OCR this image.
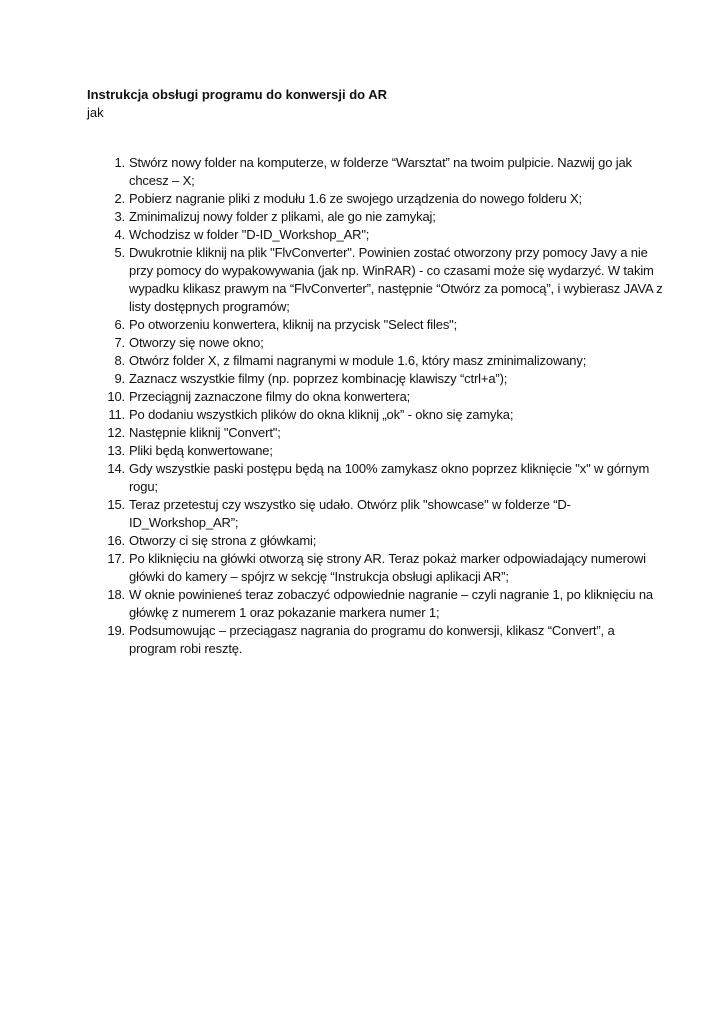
Instrukcja obsługi programu do konwersji do AR
jak
1. Stwórz nowy folder na komputerze, w folderze “Warsztat” na twoim pulpicie. Nazwij go jak chcesz – X;
2. Pobierz nagranie pliki z modułu 1.6 ze swojego urządzenia do nowego folderu X;
3. Zminimalizuj nowy folder z plikami, ale go nie zamykaj;
4. Wchodzisz w folder "D-ID_Workshop_AR";
5. Dwukrotnie kliknij na plik "FlvConverter". Powinien zostać otworzony przy pomocy Javy a nie przy pomocy do wypakowywania (jak np. WinRAR) - co czasami może się wydarzyć. W takim wypadku klikasz prawym na “FlvConverter”, następnie “Otwórz za pomocą”, i wybierasz JAVA z listy dostępnych programów;
6. Po otworzeniu konwertera, kliknij na przycisk "Select files";
7. Otworzy się nowe okno;
8. Otwórz folder X, z filmami nagranymi w module 1.6, który masz zminimalizowany;
9. Zaznacz wszystkie filmy (np. poprzez kombinację klawiszy “ctrl+a”);
10. Przeciągnij zaznaczone filmy do okna konwertera;
11. Po dodaniu wszystkich plików do okna kliknij „ok” - okno się zamyka;
12. Następnie kliknij "Convert";
13. Pliki będą konwertowane;
14. Gdy wszystkie paski postępu będą na 100% zamykasz okno poprzez kliknięcie "x" w górnym rogu;
15. Teraz przetestuj czy wszystko się udało. Otwórz plik "showcase" w folderze “D-ID_Workshop_AR”;
16. Otworzy ci się strona z główkami;
17. Po kliknięciu na główki otworzą się strony AR. Teraz pokaż marker odpowiadający numerowi główki do kamery – spójrz w sekcję “Instrukcja obsługi aplikacji AR”;
18. W oknie powinieneś teraz zobaczyć odpowiednie nagranie – czyli nagranie 1, po kliknięciu na główkę z numerem 1 oraz pokazanie markera numer 1;
19. Podsumowując – przeciągasz nagrania do programu do konwersji, klikasz “Convert”, a program robi resztę.
